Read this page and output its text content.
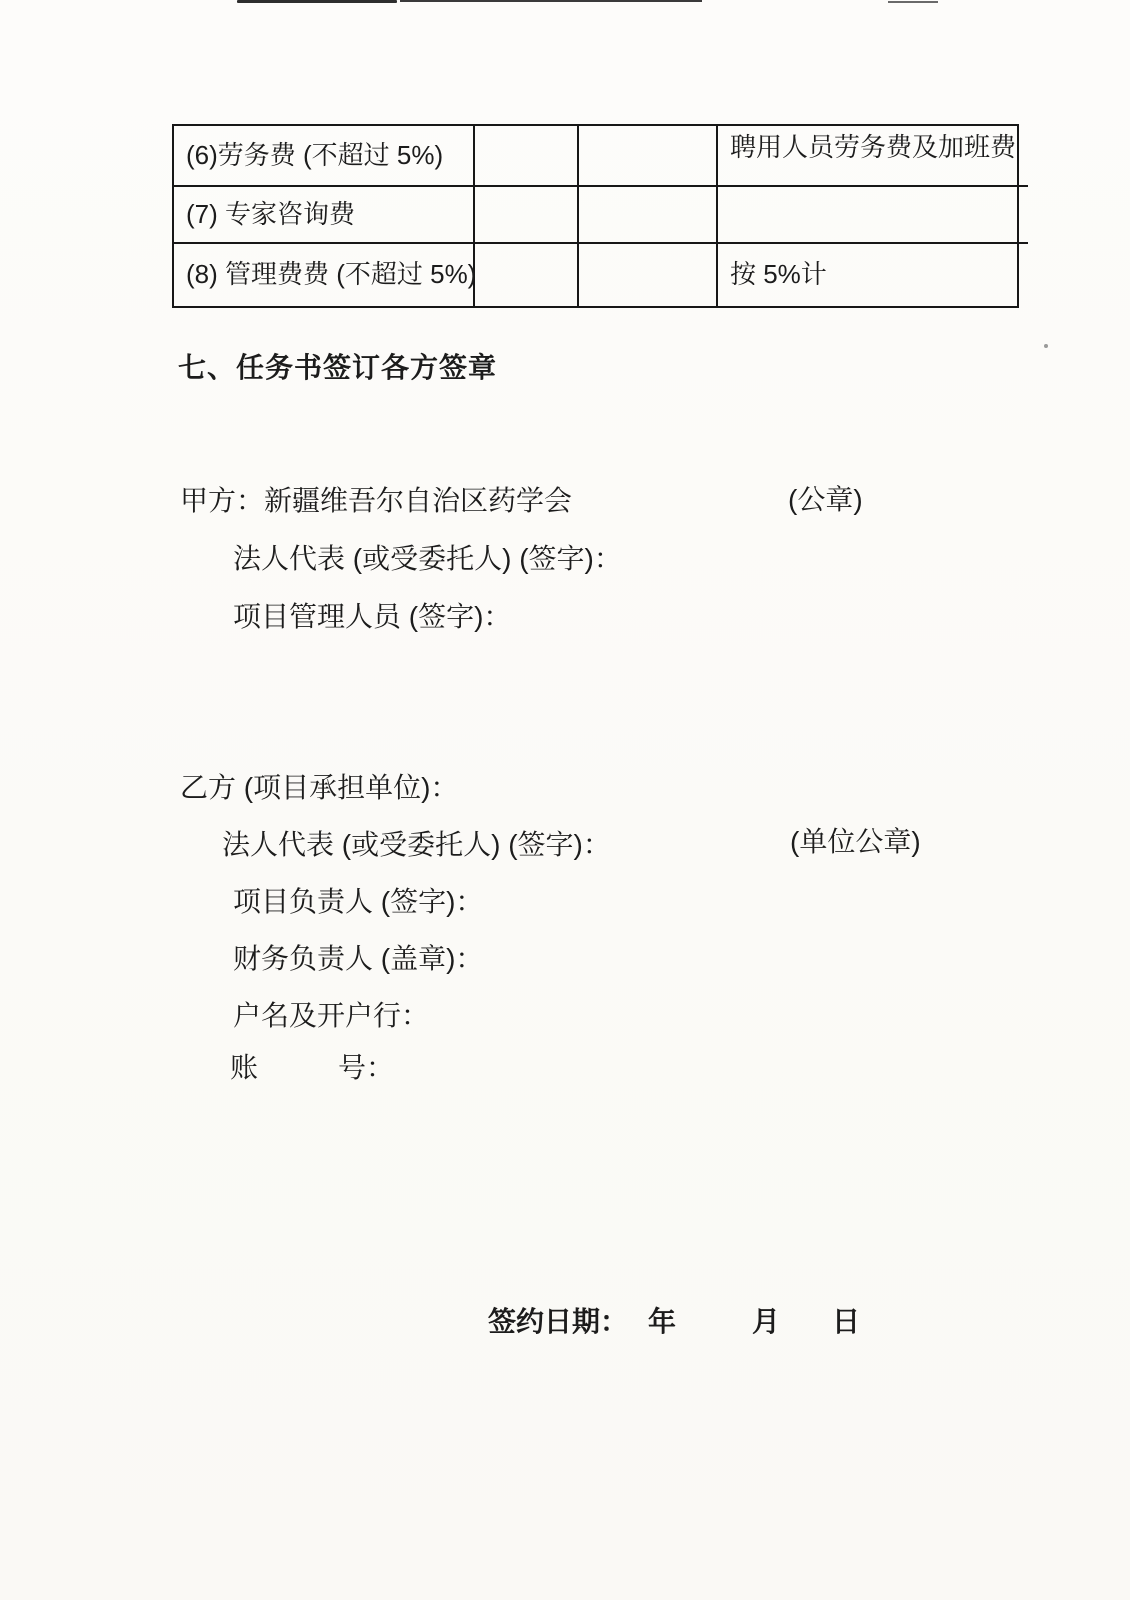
(6)劳务费 (不超过 5%)	聘用人员劳务费及加班费
(7) 专家咨询费
(8) 管理费费 (不超过 5%)	按 5%计
七、任务书签订各方签章
甲方：新疆维吾尔自治区药学会	(公章)
法人代表 (或受委托人) (签字)：
项目管理人员 (签字)：
乙方 (项目承担单位)：
法人代表 (或受委托人) (签字)：	(单位公章)
项目负责人 (签字)：
财务负责人 (盖章)：
户名及开户行：
账	号：
签约日期： 年	月 日
